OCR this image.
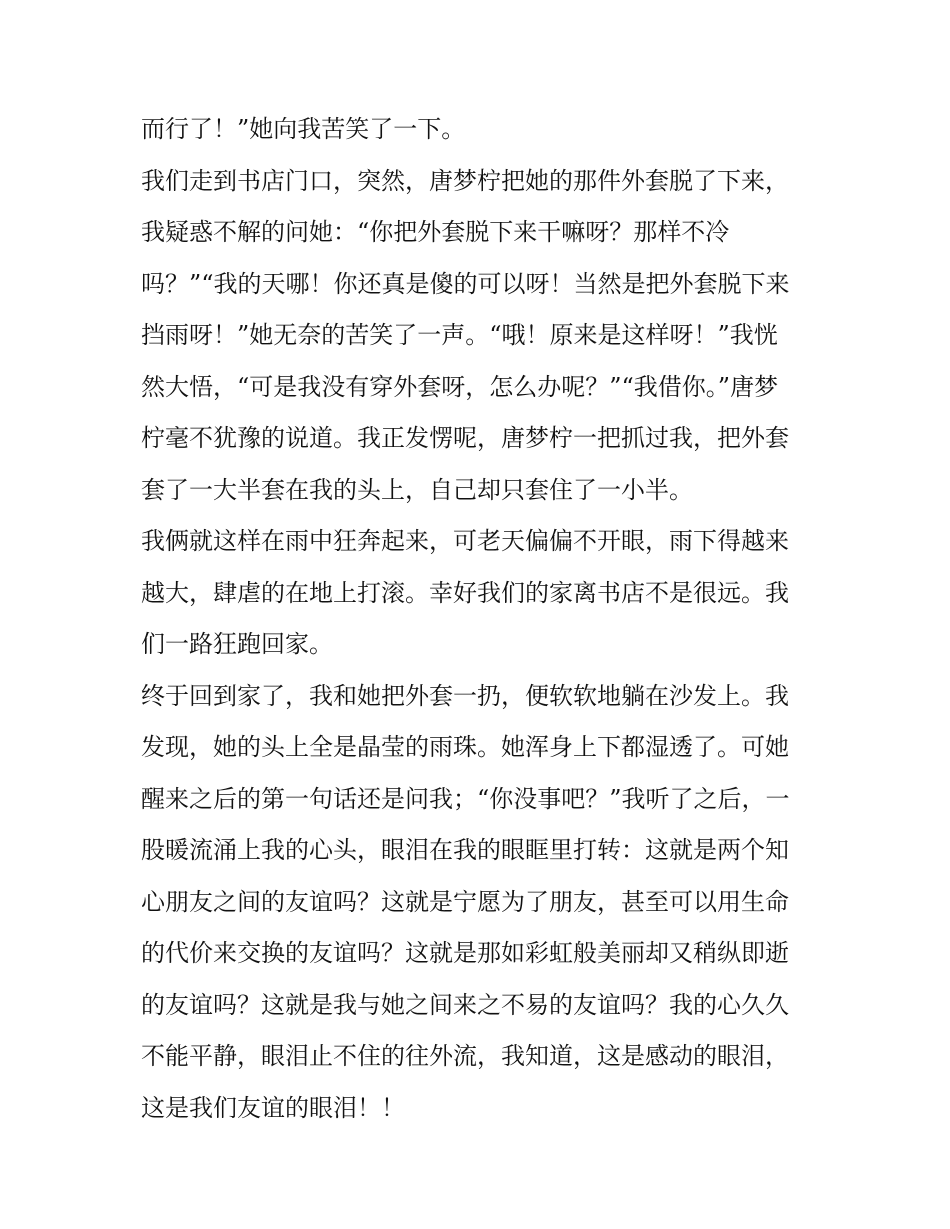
而行了！”她向我苦笑了一下。
我们走到书店门口，突然，唐梦柠把她的那件外套脱了下来，
我疑惑不解的问她：“你把外套脱下来干嘛呀？那样不冷
吗？”“我的天哪！你还真是傻的可以呀！当然是把外套脱下来
挡雨呀！”她无奈的苦笑了一声。“哦！原来是这样呀！”我恍
然大悟，“可是我没有穿外套呀，怎么办呢？”“我借你。”唐梦
柠毫不犹豫的说道。我正发愣呢，唐梦柠一把抓过我，把外套
套了一大半套在我的头上，自己却只套住了一小半。
我俩就这样在雨中狂奔起来，可老天偏偏不开眼，雨下得越来
越大，肆虐的在地上打滚。幸好我们的家离书店不是很远。我
们一路狂跑回家。
终于回到家了，我和她把外套一扔，便软软地躺在沙发上。我
发现，她的头上全是晶莹的雨珠。她浑身上下都湿透了。可她
醒来之后的第一句话还是问我；“你没事吧？”我听了之后，一
股暖流涌上我的心头，眼泪在我的眼眶里打转：这就是两个知
心朋友之间的友谊吗？这就是宁愿为了朋友，甚至可以用生命
的代价来交换的友谊吗？这就是那如彩虹般美丽却又稍纵即逝
的友谊吗？这就是我与她之间来之不易的友谊吗？我的心久久
不能平静，眼泪止不住的往外流，我知道，这是感动的眼泪，
这是我们友谊的眼泪！！
